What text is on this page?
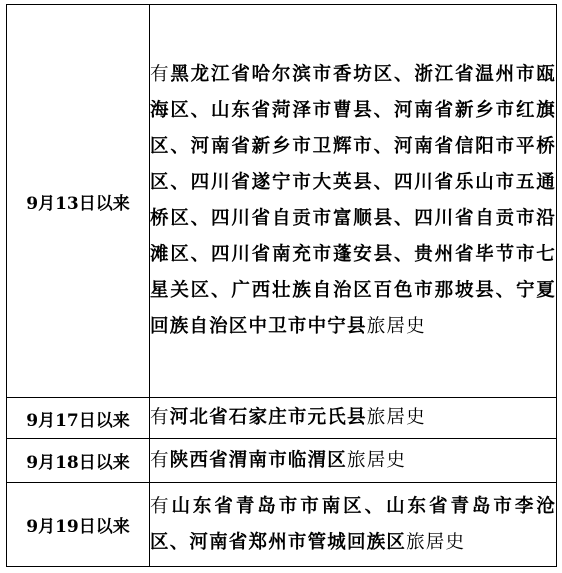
9月13日以来	有黑龙江省哈尔滨市香坊区、浙江省温州市瓯海区、山东省菏泽市曹县、河南省新乡市红旗区、河南省新乡市卫辉市、河南省信阳市平桥区、四川省遂宁市大英县、四川省乐山市五通桥区、四川省自贡市富顺县、四川省自贡市沿滩区、四川省南充市蓬安县、贵州省毕节市七星关区、广西壮族自治区百色市那坡县、宁夏回族自治区中卫市中宁县旅居史
9月17日以来	有河北省石家庄市元氏县旅居史
9月18日以来	有陕西省渭南市临渭区旅居史
9月19日以来	有山东省青岛市市南区、山东省青岛市李沧区、河南省郑州市管城回族区旅居史
